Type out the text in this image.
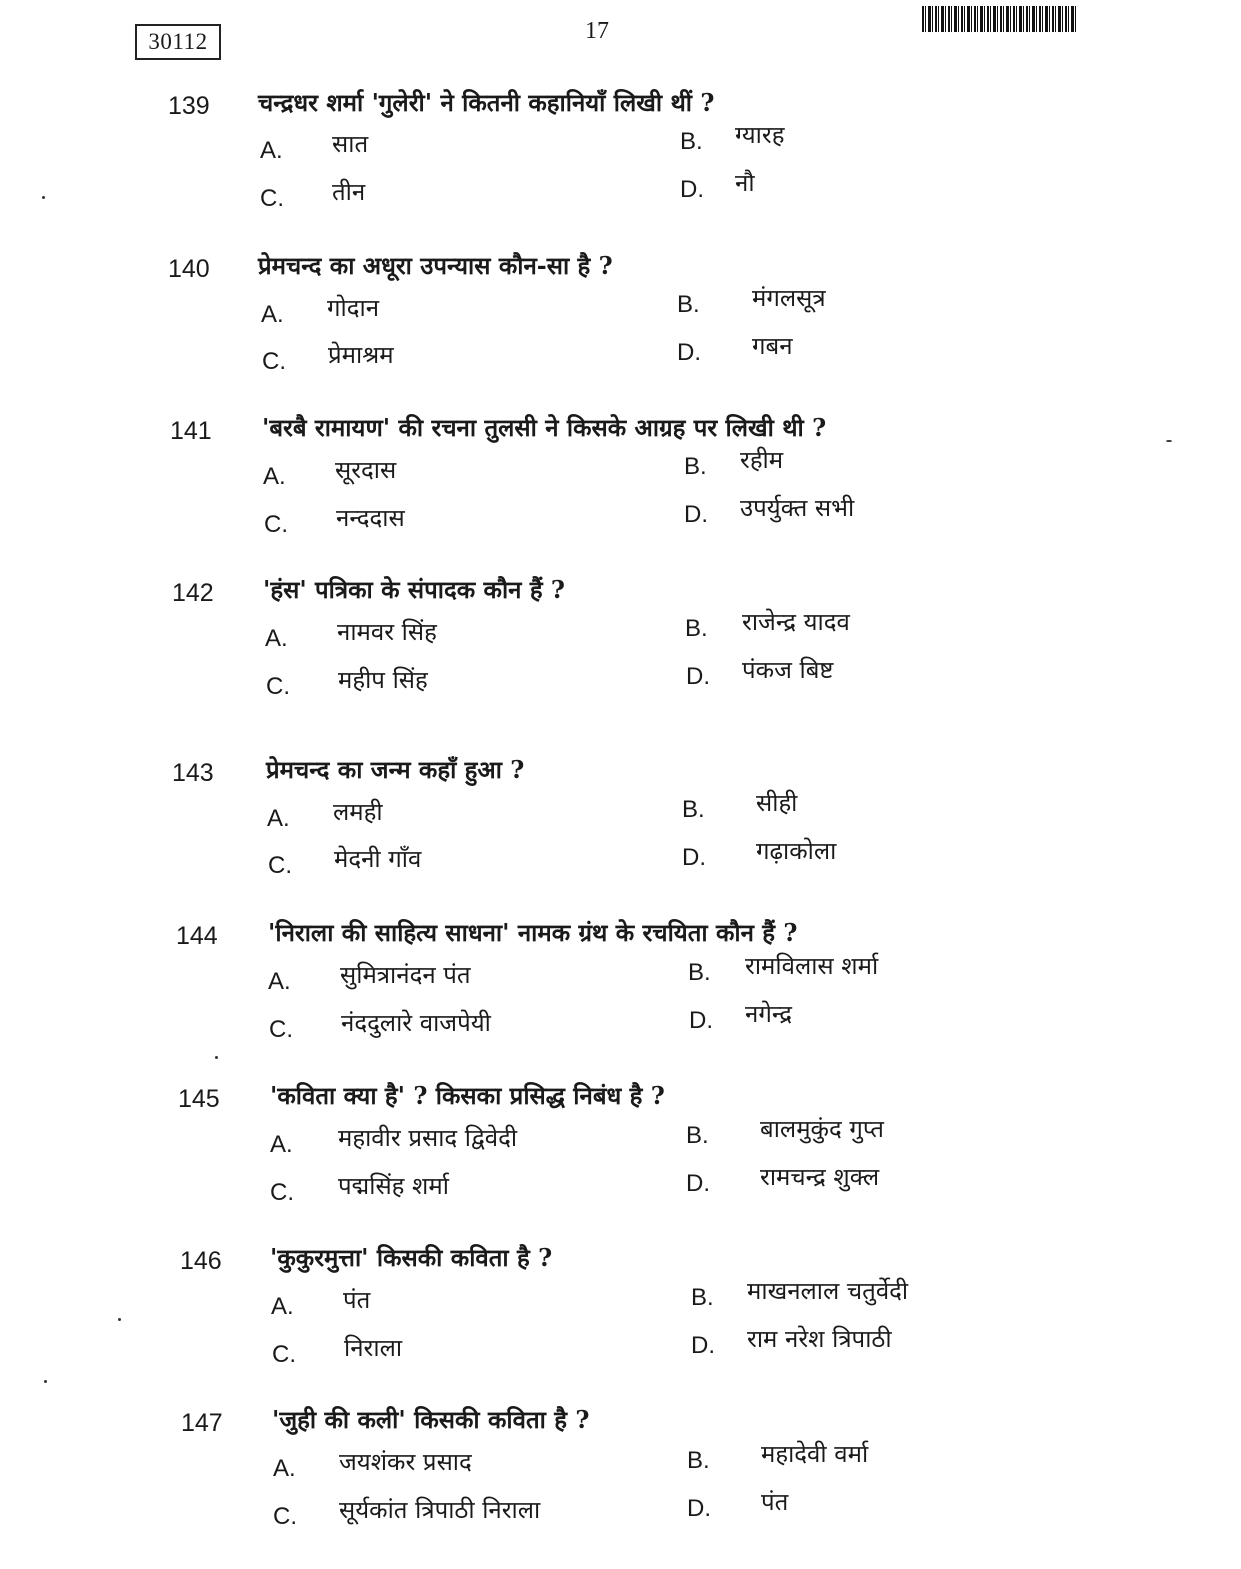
30112	17
139 चन्द्रधर शर्मा 'गुलेरी' ने कितनी कहानियाँ लिखी थीं ?
A. सात	B. ग्यारह
C. तीन	D. नौ
140 प्रेमचन्द का अधूरा उपन्यास कौन-सा है ?
A. गोदान	B. मंगलसूत्र
C. प्रेमाश्रम	D. गबन
141 'बरबै रामायण' की रचना तुलसी ने किसके आग्रह पर लिखी थी ?
A. सूरदास	B. रहीम
C. नन्ददास	D. उपर्युक्त सभी
142 'हंस' पत्रिका के संपादक कौन हैं ?
A. नामवर सिंह	B. राजेन्द्र यादव
C. महीप सिंह	D. पंकज बिष्ट
143 प्रेमचन्द का जन्म कहाँ हुआ ?
A. लमही	B. सीही
C. मेदनी गाँव	D. गढ़ाकोला
144 'निराला की साहित्य साधना' नामक ग्रंथ के रचयिता कौन हैं ?
A. सुमित्रानंदन पंत	B. रामविलास शर्मा
C. नंददुलारे वाजपेयी	D. नगेन्द्र
145 'कविता क्या है' ? किसका प्रसिद्ध निबंध है ?
A. महावीर प्रसाद द्विवेदी	B. बालमुकुंद गुप्त
C. पद्मसिंह शर्मा	D. रामचन्द्र शुक्ल
146 'कुकुरमुत्ता' किसकी कविता है ?
A. पंत	B. माखनलाल चतुर्वेदी
C. निराला	D. राम नरेश त्रिपाठी
147 'जुही की कली' किसकी कविता है ?
A. जयशंकर प्रसाद	B. महादेवी वर्मा
C. सूर्यकांत त्रिपाठी निराला	D. पंत
